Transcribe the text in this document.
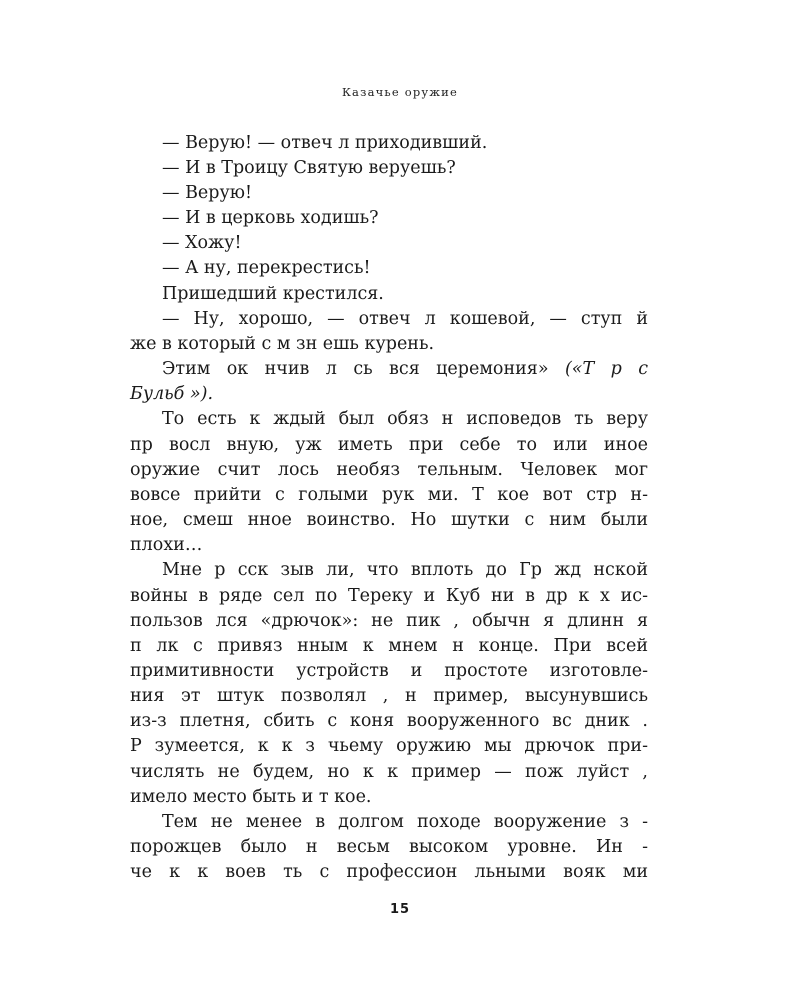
Казачье оружие
— Верую! — отвеч л приходивший.
— И в Троицу Святую веруешь?
— Верую!
— И в церковь ходишь?
— Хожу!
— А ну, перекрестись!
Пришедший крестился.
— Ну, хорошо, — отвеч л кошевой, — ступ й
же в который с м зн ешь курень.
Этим ок нчив л сь вся церемония» («Т р с
Бульб »).
То есть к ждый был обяз н исповедов ть веру
пр восл вную, уж иметь при себе то или иное
оружие счит лось необяз тельным. Человек мог
вовсе прийти с голыми рук ми. Т кое вот стр н-
ное, смеш нное воинство. Но шутки с ним были
плохи…
Мне р сск зыв ли, что вплоть до Гр жд нской
войны в ряде сел по Тереку и Куб ни в др к х ис-
пользов лся «дрючок»: не пик , обычн я длинн я
п лк с привяз нным к мнем н конце. При всей
примитивности устройств и простоте изготовле-
ния эт штук позволял , н пример, высунувшись
из-з плетня, сбить с коня вооруженного вс дник .
Р зумеется, к к з чьему оружию мы дрючок при-
числять не будем, но к к пример — пож луйст ,
имело место быть и т кое.
Тем не менее в долгом походе вооружение з -
порожцев было н весьм высоком уровне. Ин -
че к к воев ть с профессион льными вояк ми
15
